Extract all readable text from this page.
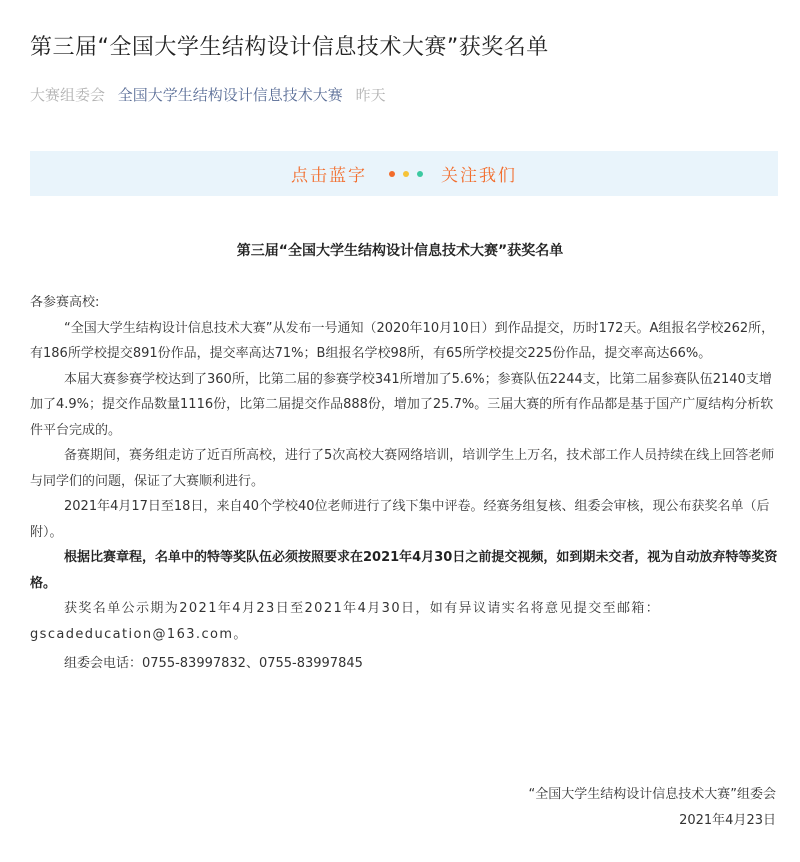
第三届“全国大学生结构设计信息技术大赛”获奖名单
大赛组委会 全国大学生结构设计信息技术大赛 昨天
点击蓝字	关注我们
第三届“全国大学生结构设计信息技术大赛”获奖名单

各参赛高校:

“全国大学生结构设计信息技术大赛”从发布一号通知（2020年10月10日）到作品提交，历时172天。A组报名学校262所，有186所学校提交891份作品，提交率高达71%；B组报名学校98所，有65所学校提交225份作品，提交率高达66%。

本届大赛参赛学校达到了360所，比第二届的参赛学校341所增加了5.6%；参赛队伍2244支，比第二届参赛队伍2140支增加了4.9%；提交作品数量1116份，比第二届提交作品888份，增加了25.7%。三届大赛的所有作品都是基于国产广厦结构分析软件平台完成的。

备赛期间，赛务组走访了近百所高校，进行了5次高校大赛网络培训，培训学生上万名，技术部工作人员持续在线上回答老师与同学们的问题，保证了大赛顺利进行。

2021年4月17日至18日，来自40个学校40位老师进行了线下集中评卷。经赛务组复核、组委会审核，现公布获奖名单（后附）。

根据比赛章程，名单中的特等奖队伍必须按照要求在2021年4月30日之前提交视频，如到期未交者，视为自动放弃特等奖资格。

获奖名单公示期为2021年4月23日至2021年4月30日，如有异议请实名将意见提交至邮箱：gscadeducation@163.com。

组委会电话：0755-83997832、0755-83997845

“全国大学生结构设计信息技术大赛”组委会
2021年4月23日
